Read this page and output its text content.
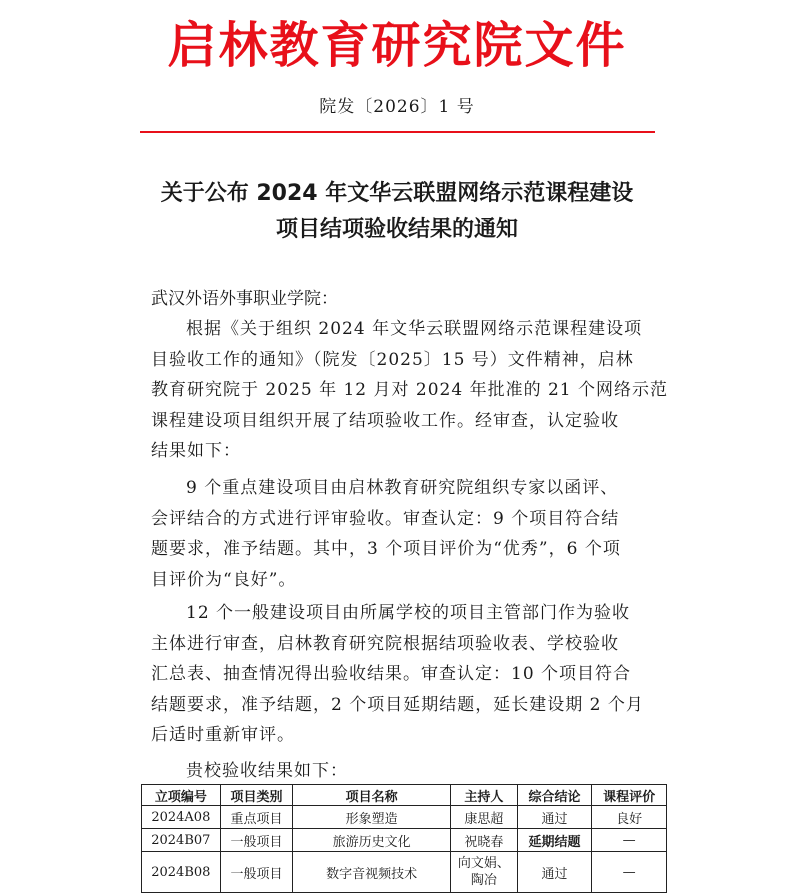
启林教育研究院文件
院发〔2026〕1 号
关于公布 2024 年文华云联盟网络示范课程建设
项目结项验收结果的通知
武汉外语外事职业学院：
根据《关于组织 2024 年文华云联盟网络示范课程建设项
目验收工作的通知》（院发〔2025〕15 号）文件精神，启林
教育研究院于 2025 年 12 月对 2024 年批准的 21 个网络示范
课程建设项目组织开展了结项验收工作。经审查，认定验收
结果如下：
9 个重点建设项目由启林教育研究院组织专家以函评、
会评结合的方式进行评审验收。审查认定：9 个项目符合结
题要求，准予结题。其中，3 个项目评价为“优秀”，6 个项
目评价为“良好”。
12 个一般建设项目由所属学校的项目主管部门作为验收
主体进行审查，启林教育研究院根据结项验收表、学校验收
汇总表、抽查情况得出验收结果。审查认定：10 个项目符合
结题要求，准予结题，2 个项目延期结题，延长建设期 2 个月
后适时重新审评。
贵校验收结果如下：
立项编号	项目类别	项目名称	主持人	综合结论	课程评价
2024A08	重点项目	形象塑造	康思超	通过	良好
2024B07	一般项目	旅游历史文化	祝晓春	延期结题	—
2024B08	一般项目	数字音视频技术	向文娟、
陶冶	通过	—
